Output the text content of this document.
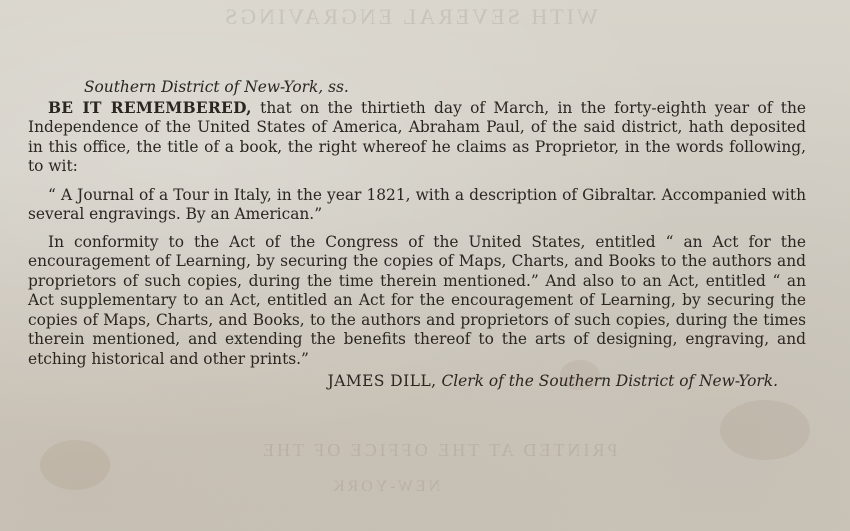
WITH SEVERAL ENGRAVINGS
PRINTED AT THE OFFICE OF THE
NEW-YORK
Southern District of New-York, ss.

BE IT REMEMBERED, that on the thirtieth day of March, in the forty-eighth year of the Independence of the United States of America, Abraham Paul, of the said district, hath deposited in this office, the title of a book, the right whereof he claims as Proprietor, in the words following, to wit:

“ A Journal of a Tour in Italy, in the year 1821, with a description of Gibraltar. Accompanied with several engravings. By an American.”

In conformity to the Act of the Congress of the United States, entitled “ an Act for the encouragement of Learning, by securing the copies of Maps, Charts, and Books to the authors and proprietors of such copies, during the time therein mentioned.” And also to an Act, entitled “ an Act supplementary to an Act, entitled an Act for the encouragement of Learning, by securing the copies of Maps, Charts, and Books, to the authors and proprietors of such copies, during the times therein mentioned, and extending the benefits thereof to the arts of designing, engraving, and etching historical and other prints.”

JAMES DILL, Clerk of the Southern District of New-York.
